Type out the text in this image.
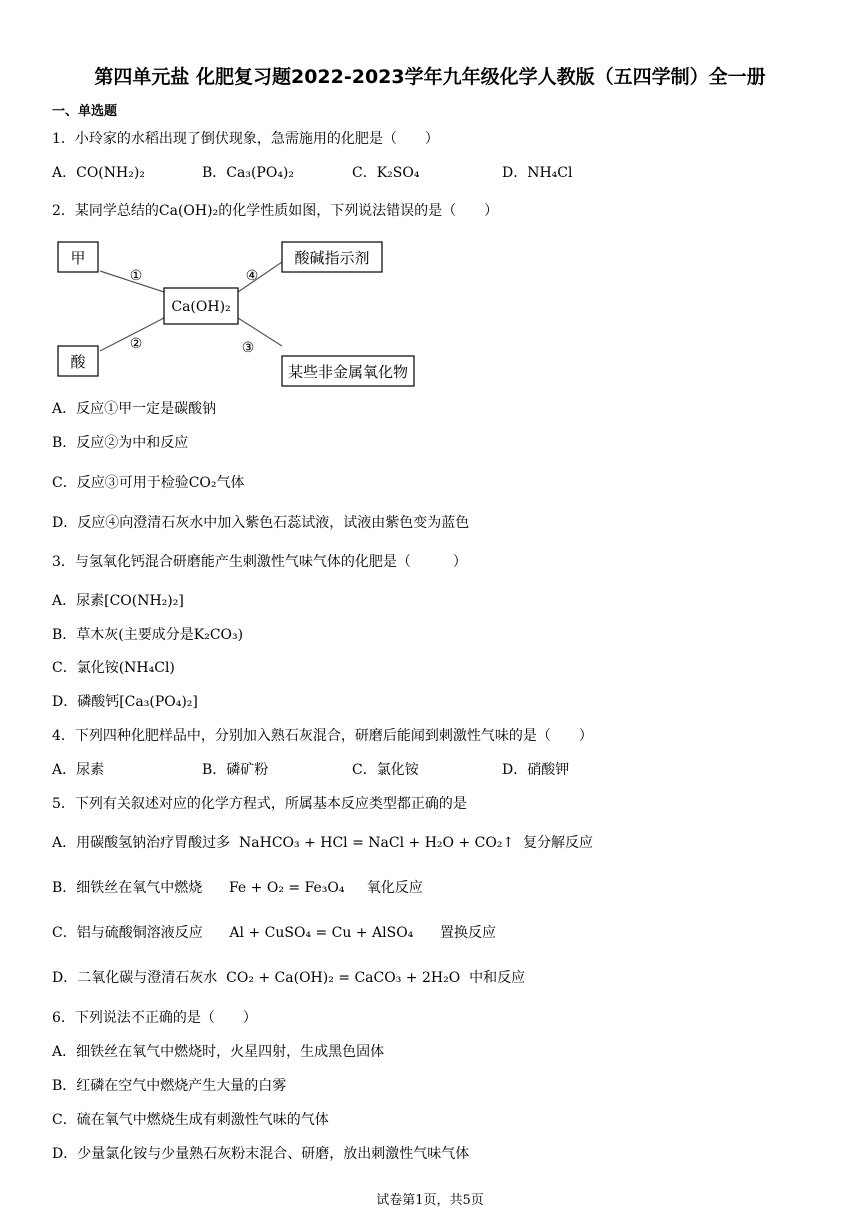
第四单元盐 化肥复习题2022-2023学年九年级化学人教版（五四学制）全一册
一、单选题
1．小玲家的水稻出现了倒伏现象，急需施用的化肥是（　　）
A．CO(NH₂)₂	B．Ca₃(PO₄)₂	C．K₂SO₄	D．NH₄Cl
2．某同学总结的Ca(OH)₂的化学性质如图，下列说法错误的是（　　）
甲
酸
Ca(OH)₂
酸碱指示剂
某些非金属氧化物
①
②	③
④
A．反应①甲一定是碳酸钠
B．反应②为中和反应
C．反应③可用于检验CO₂气体
D．反应④向澄清石灰水中加入紫色石蕊试液，试液由紫色变为蓝色
3．与氢氧化钙混合研磨能产生刺激性气味气体的化肥是（　　　）
A．尿素[CO(NH₂)₂]
B．草木灰(主要成分是K₂CO₃)
C．氯化铵(NH₄Cl)
D．磷酸钙[Ca₃(PO₄)₂]
4．下列四种化肥样品中，分别加入熟石灰混合，研磨后能闻到刺激性气味的是（　　）
A．尿素	B．磷矿粉	C．氯化铵	D．硝酸钾
5．下列有关叙述对应的化学方程式，所属基本反应类型都正确的是
A．用碳酸氢钠治疗胃酸过多  NaHCO₃ + HCl = NaCl + H₂O + CO₂↑  复分解反应
B．细铁丝在氧气中燃烧      Fe + O₂ = Fe₃O₄     氧化反应
C．铝与硫酸铜溶液反应      Al + CuSO₄ = Cu + AlSO₄      置换反应
D．二氧化碳与澄清石灰水  CO₂ + Ca(OH)₂ = CaCO₃ + 2H₂O  中和反应
6．下列说法不正确的是（　　）
A．细铁丝在氧气中燃烧时，火星四射，生成黑色固体
B．红磷在空气中燃烧产生大量的白雾
C．硫在氧气中燃烧生成有刺激性气味的气体
D．少量氯化铵与少量熟石灰粉末混合、研磨，放出刺激性气味气体
试卷第1页，共5页
